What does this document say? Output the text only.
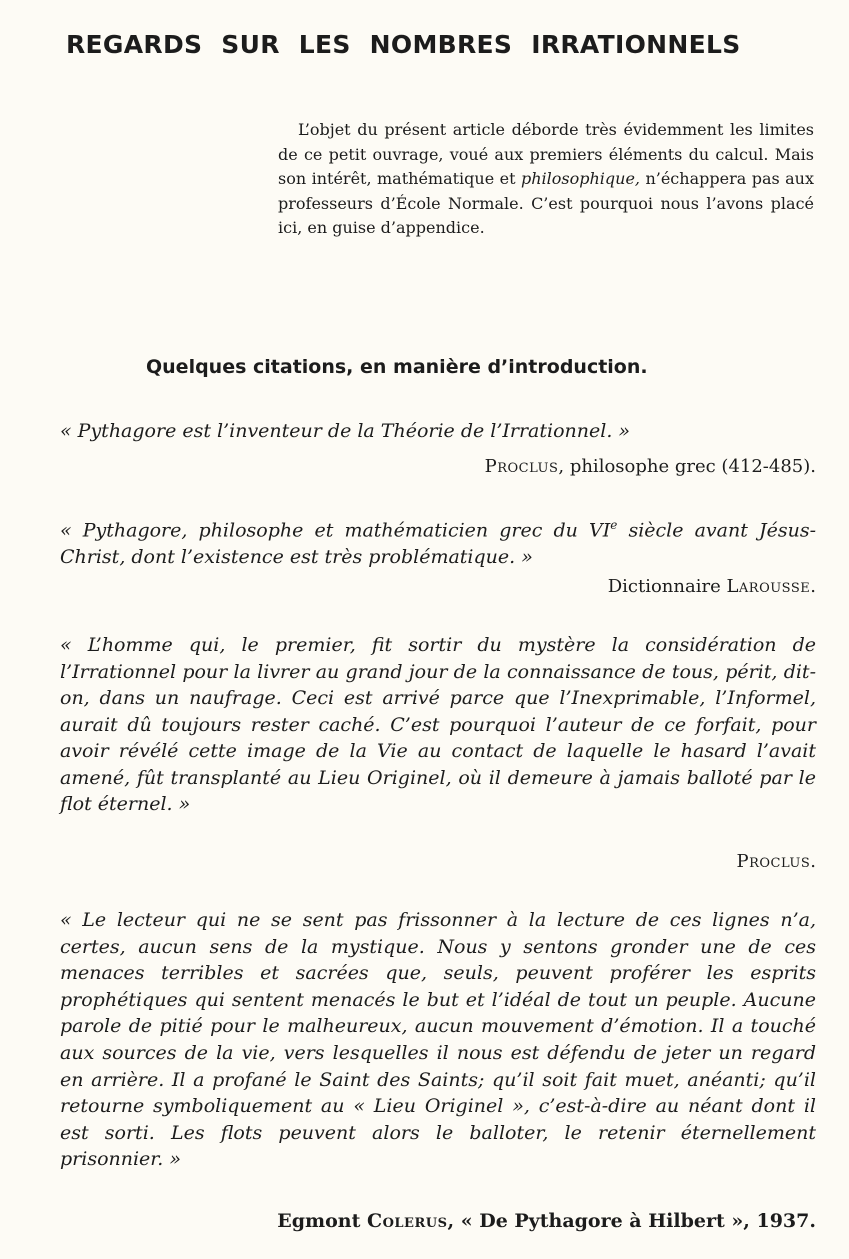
REGARDS SUR LES NOMBRES IRRATIONNELS

L’objet du présent article déborde très évidemment les limites de ce petit ouvrage, voué aux premiers éléments du calcul. Mais son intérêt, mathématique et philosophique, n’échappera pas aux professeurs d’École Normale. C’est pourquoi nous l’avons placé ici, en guise d’appendice.

Quelques citations, en manière d’introduction.

« Pythagore est l’inventeur de la Théorie de l’Irrationnel. »

Proclus, philosophe grec (412-485).

« Pythagore, philosophe et mathématicien grec du VIe siècle avant Jésus-Christ, dont l’existence est très problématique. »

Dictionnaire Larousse.

« L’homme qui, le premier, fit sortir du mystère la considération de l’Irrationnel pour la livrer au grand jour de la connaissance de tous, périt, dit-on, dans un naufrage. Ceci est arrivé parce que l’Inexprimable, l’Informel, aurait dû toujours rester caché. C’est pourquoi l’auteur de ce forfait, pour avoir révélé cette image de la Vie au contact de laquelle le hasard l’avait amené, fût transplanté au Lieu Originel, où il demeure à jamais balloté par le flot éternel. »

Proclus.

« Le lecteur qui ne se sent pas frissonner à la lecture de ces lignes n’a, certes, aucun sens de la mystique. Nous y sentons gronder une de ces menaces terribles et sacrées que, seuls, peuvent proférer les esprits prophétiques qui sentent menacés le but et l’idéal de tout un peuple. Aucune parole de pitié pour le malheureux, aucun mouvement d’émotion. Il a touché aux sources de la vie, vers lesquelles il nous est défendu de jeter un regard en arrière. Il a profané le Saint des Saints; qu’il soit fait muet, anéanti; qu’il retourne symboliquement au « Lieu Originel », c’est-à-dire au néant dont il est sorti. Les flots peuvent alors le balloter, le retenir éternellement prisonnier. »

Egmont Colerus, « De Pythagore à Hilbert », 1937.
